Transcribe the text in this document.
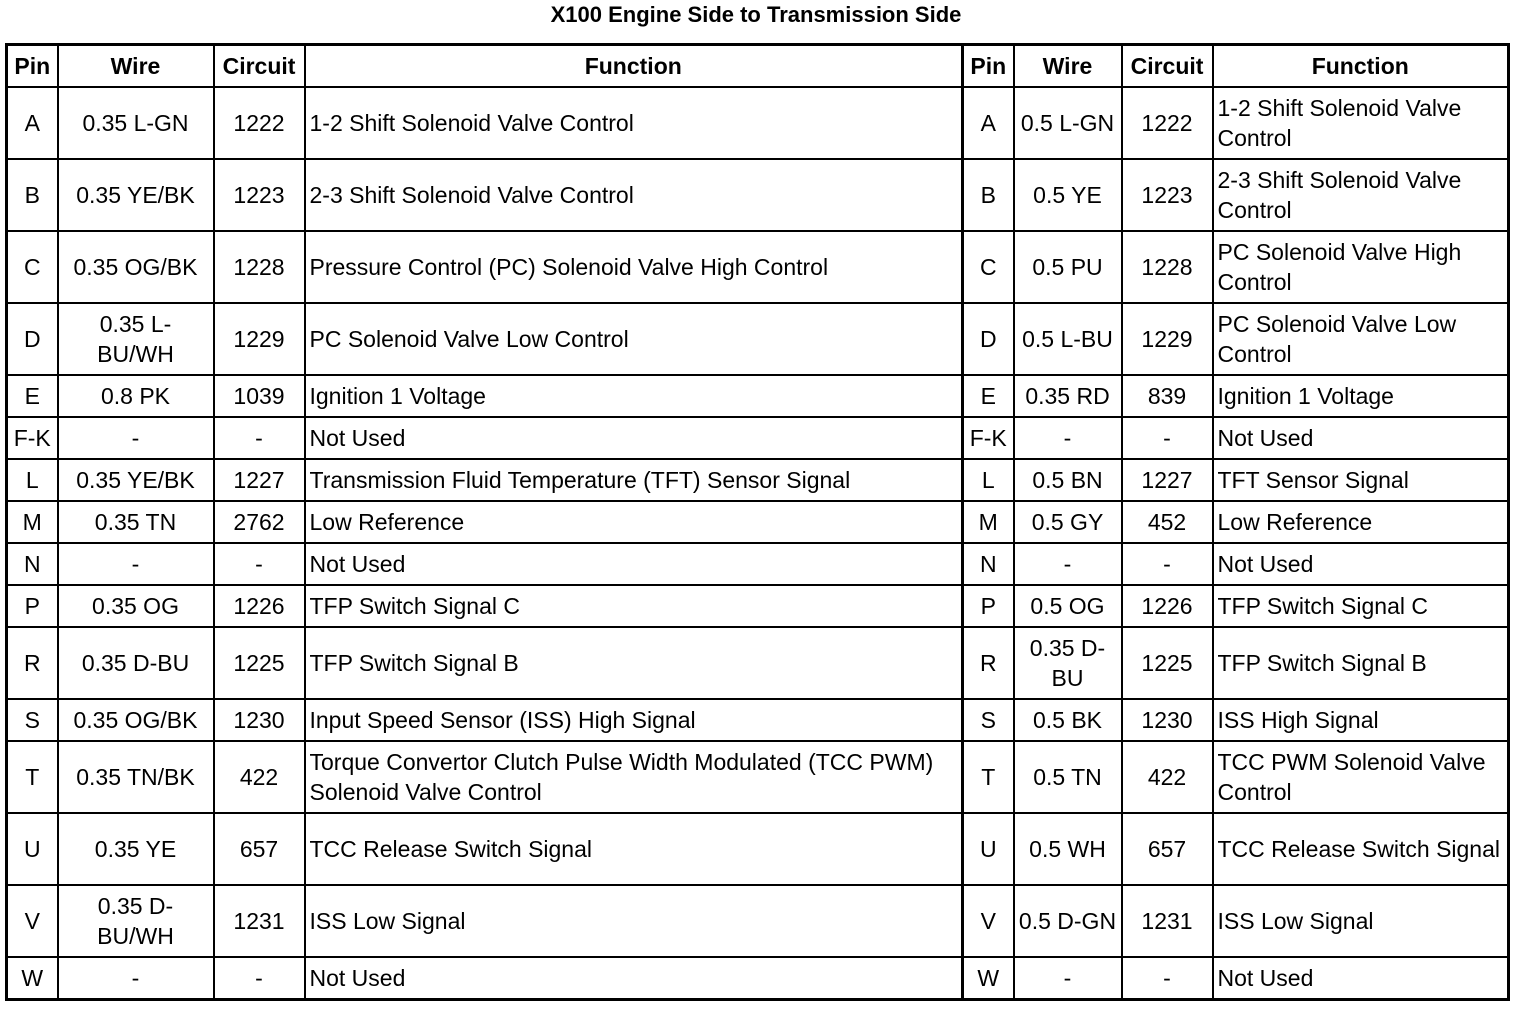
X100 Engine Side to Transmission Side
Pin	Wire	Circuit	Function	Pin	Wire	Circuit	Function
A	0.35 L-GN	1222	1-2 Shift Solenoid Valve Control	A	0.5 L-GN	1222	1-2 Shift Solenoid Valve Control
B	0.35 YE/BK	1223	2-3 Shift Solenoid Valve Control	B	0.5 YE	1223	2-3 Shift Solenoid Valve Control
C	0.35 OG/BK	1228	Pressure Control (PC) Solenoid Valve High Control	C	0.5 PU	1228	PC Solenoid Valve High Control
D	0.35 L-BU/WH	1229	PC Solenoid Valve Low Control	D	0.5 L-BU	1229	PC Solenoid Valve Low Control
E	0.8 PK	1039	Ignition 1 Voltage	E	0.35 RD	839	Ignition 1 Voltage
F-K	-	-	Not Used	F-K	-	-	Not Used
L	0.35 YE/BK	1227	Transmission Fluid Temperature (TFT) Sensor Signal	L	0.5 BN	1227	TFT Sensor Signal
M	0.35 TN	2762	Low Reference	M	0.5 GY	452	Low Reference
N	-	-	Not Used	N	-	-	Not Used
P	0.35 OG	1226	TFP Switch Signal C	P	0.5 OG	1226	TFP Switch Signal C
R	0.35 D-BU	1225	TFP Switch Signal B	R	0.35 D-BU	1225	TFP Switch Signal B
S	0.35 OG/BK	1230	Input Speed Sensor (ISS) High Signal	S	0.5 BK	1230	ISS High Signal
T	0.35 TN/BK	422	Torque Convertor Clutch Pulse Width Modulated (TCC PWM) Solenoid Valve Control	T	0.5 TN	422	TCC PWM Solenoid Valve Control
U	0.35 YE	657	TCC Release Switch Signal	U	0.5 WH	657	TCC Release Switch Signal
V	0.35 D-BU/WH	1231	ISS Low Signal	V	0.5 D-GN	1231	ISS Low Signal
W	-	-	Not Used	W	-	-	Not Used
